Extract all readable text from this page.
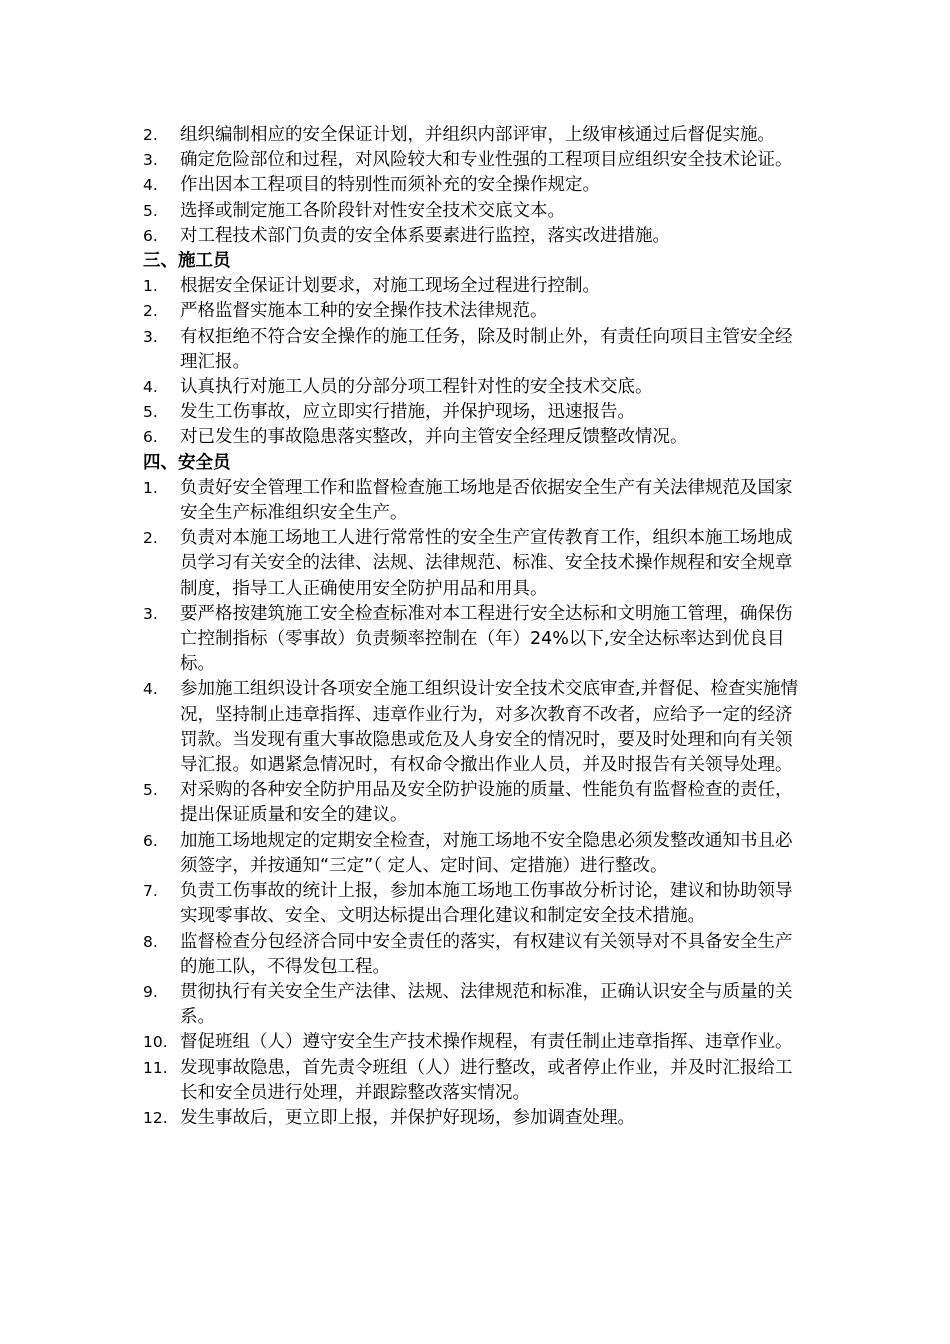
2. 组织编制相应的安全保证计划，并组织内部评审，上级审核通过后督促实施。
3. 确定危险部位和过程，对风险较大和专业性强的工程项目应组织安全技术论证。
4. 作出因本工程项目的特别性而须补充的安全操作规定。
5. 选择或制定施工各阶段针对性安全技术交底文本。
6. 对工程技术部门负责的安全体系要素进行监控，落实改进措施。
三、施工员
1. 根据安全保证计划要求，对施工现场全过程进行控制。
2. 严格监督实施本工种的安全操作技术法律规范。
3. 有权拒绝不符合安全操作的施工任务，除及时制止外，有责任向项目主管安全经理汇报。
4. 认真执行对施工人员的分部分项工程针对性的安全技术交底。
5. 发生工伤事故，应立即实行措施，并保护现场，迅速报告。
6. 对已发生的事故隐患落实整改，并向主管安全经理反馈整改情况。
四、安全员
1. 负责好安全管理工作和监督检查施工场地是否依据安全生产有关法律规范及国家安全生产标准组织安全生产。
2. 负责对本施工场地工人进行常常性的安全生产宣传教育工作，组织本施工场地成员学习有关安全的法律、法规、法律规范、标准、安全技术操作规程和安全规章制度，指导工人正确使用安全防护用品和用具。
3. 要严格按建筑施工安全检查标准对本工程进行安全达标和文明施工管理，确保伤亡控制指标（零事故）负责频率控制在（年）24%以下,安全达标率达到优良目标。
4. 参加施工组织设计各项安全施工组织设计安全技术交底审查,并督促、检查实施情况，坚持制止违章指挥、违章作业行为，对多次教育不改者，应给予一定的经济罚款。当发现有重大事故隐患或危及人身安全的情况时，要及时处理和向有关领导汇报。如遇紧急情况时，有权命令撤出作业人员，并及时报告有关领导处理。
5. 对采购的各种安全防护用品及安全防护设施的质量、性能负有监督检查的责任，提出保证质量和安全的建议。
6. 加施工场地规定的定期安全检查，对施工场地不安全隐患必须发整改通知书且必须签字，并按通知“三定”（ 定人、定时间、定措施）进行整改。
7. 负责工伤事故的统计上报，参加本施工场地工伤事故分析讨论，建议和协助领导实现零事故、安全、文明达标提出合理化建议和制定安全技术措施。
8. 监督检查分包经济合同中安全责任的落实，有权建议有关领导对不具备安全生产的施工队，不得发包工程。
9. 贯彻执行有关安全生产法律、法规、法律规范和标准，正确认识安全与质量的关系。
10. 督促班组（人）遵守安全生产技术操作规程，有责任制止违章指挥、违章作业。
11. 发现事故隐患，首先责令班组（人）进行整改，或者停止作业，并及时汇报给工长和安全员进行处理，并跟踪整改落实情况。
12. 发生事故后，更立即上报，并保护好现场，参加调查处理。
